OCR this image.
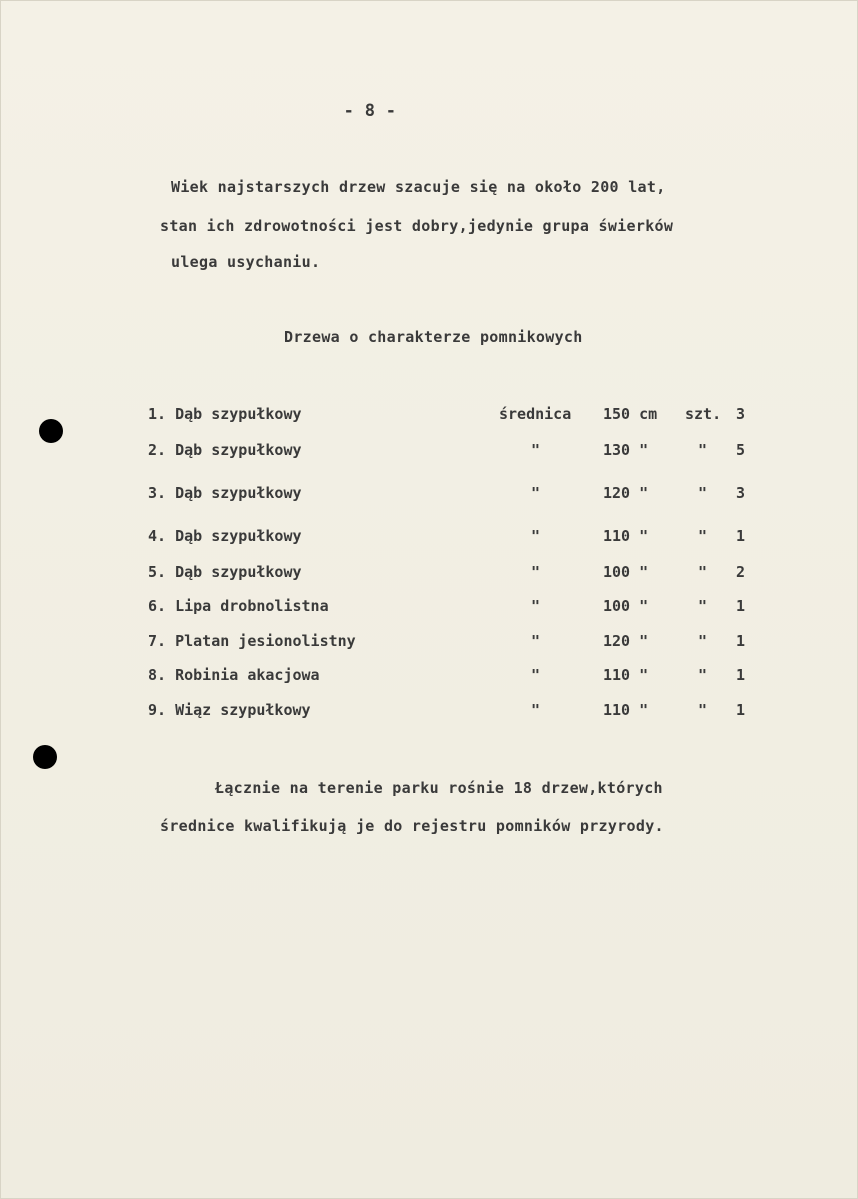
- 8 -
Wiek najstarszych drzew szacuje się na około 200 lat,
stan ich zdrowotności jest dobry,jedynie grupa świerków
ulega usychaniu.
Drzewa o charakterze pomnikowych
1. Dąb szypułkowy	średnica 150 cm szt. 3
2. Dąb szypułkowy	"	130 "	" 5
3. Dąb szypułkowy	"	120 "	" 3
4. Dąb szypułkowy	"	110 "	" 1
5. Dąb szypułkowy	"	100 "	" 2
6. Lipa drobnolistna	"	100 "	" 1
7. Platan jesionolistny	"	120 "	" 1
8. Robinia akacjowa	"	110 "	" 1
9. Wiąz szypułkowy	"	110 "	" 1
Łącznie na terenie parku rośnie 18 drzew,których
średnice kwalifikują je do rejestru pomników przyrody.
